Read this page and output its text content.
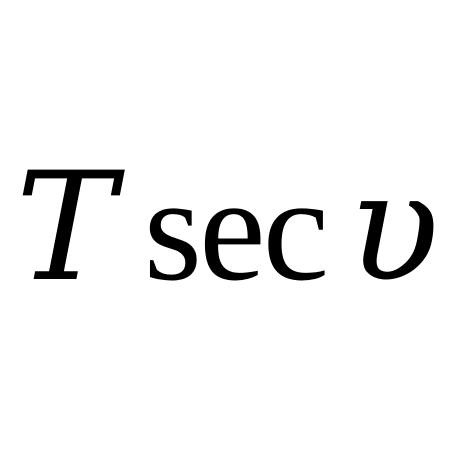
T sec υ
